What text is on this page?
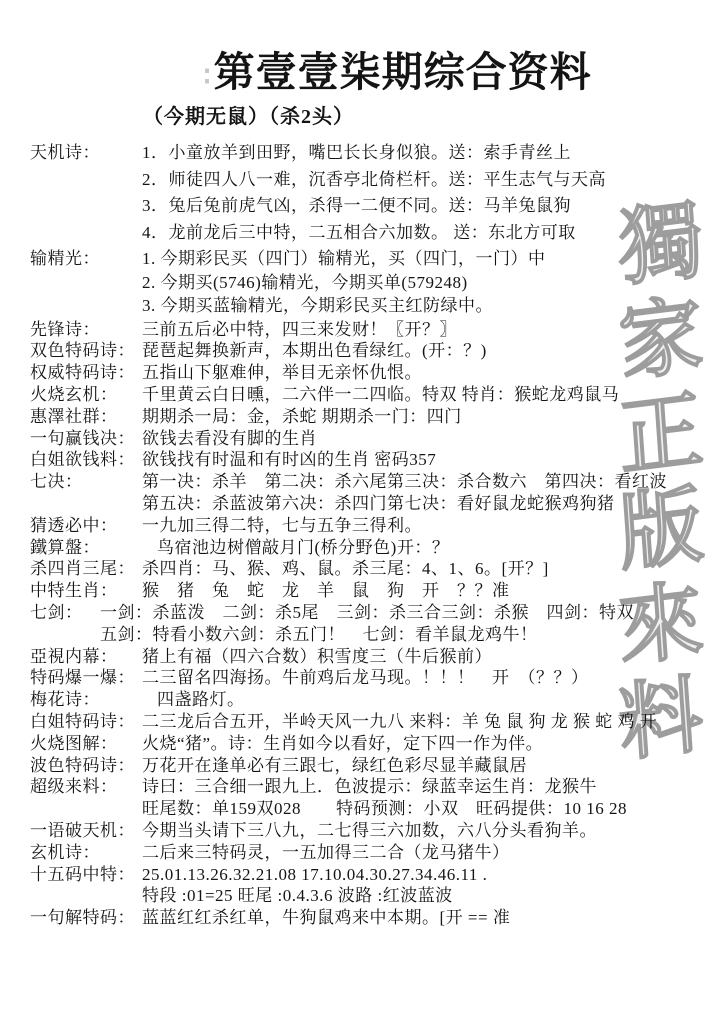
∶ 第壹壹柒期综合资料
（今期无鼠）（杀2头）
天机诗：	1．小童放羊到田野，嘴巴长长身似狼。送：索手青丝上
2．师徒四人八一难，沉香亭北倚栏杆。送：平生志气与天高
3．兔后兔前虎气凶，杀得一二便不同。送：马羊兔鼠狗
4．龙前龙后三中特，二五相合六加数。 送：东北方可取
输精光：	1. 今期彩民买（四门）输精光，买（四门，一门）中
2. 今期买(5746)输精光，今期买单(579248)
3. 今期买蓝输精光，今期彩民买主红防绿中。
先锋诗：	三前五后必中特，四三来发财！〖开？〗
双色特码诗： 琵琶起舞换新声，本期出色看绿红。(开：？)
权威特码诗： 五指山下躯难伸，举目无亲怀仇恨。
火烧玄机：	千里黄云白日曛，二六伴一二四临。特双 特肖：猴蛇龙鸡鼠马
惠澤社群：	期期杀一局：金，杀蛇 期期杀一门：四门
一句赢钱决： 欲钱去看没有脚的生肖
白姐欲钱料： 欲钱找有时温和有时凶的生肖 密码357
七决：	第一决：杀羊　第二决：杀六尾第三决：杀合数六　第四决：看红波
第五决：杀蓝波第六决：杀四门第七决：看好鼠龙蛇猴鸡狗猪
猜透必中：	一九加三得二特，七与五争三得利。
鐵算盤：	鸟宿池边树僧敲月门(桥分野色)开：？
杀四肖三尾： 杀四肖：马、猴、鸡、鼠。杀三尾：4、1、6。[开？]
中特生肖：	猴　猪　兔　蛇　龙　羊　鼠　狗　开　？？准
七剑：	一剑：杀蓝泼　二剑：杀5尾　三剑：杀三合三剑：杀猴　四剑：特双
五剑：特看小数六剑：杀五门！　七剑：看羊鼠龙鸡牛！
亞視内幕：	猪上有福（四六合数）积雪度三（牛后猴前）
特码爆一爆： 二三留名四海扬。牛前鸡后龙马现。！！！　开　（？？）
梅花诗：	四盏路灯。
白姐特码诗： 二三龙后合五开，半岭天风一九八 来料：羊 兔 鼠 狗 龙 猴 蛇 鸡 开
火烧图解：	火烧“猪”。诗：生肖如今以看好，定下四一作为伴。
波色特码诗： 万花开在逢单必有三跟七，绿红色彩尽显羊藏鼠居
超级来料：	诗曰：三合细一跟九上．色波提示：绿蓝幸运生肖：龙猴牛
旺尾数：单159双028　　特码预测：小双　旺码提供：10 16 28
一语破天机： 今期当头请下三八九，二七得三六加数，六八分头看狗羊。
玄机诗：	二后来三特码灵，一五加得三二合（龙马猪牛）
十五码中特： 25.01.13.26.32.21.08 17.10.04.30.27.34.46.11 .
特段 :01=25 旺尾 :0.4.3.6 波路 :红波蓝波
一句解特码： 蓝蓝红红杀红单，牛狗鼠鸡来中本期。[开 == 准
獨
家
正
版
來
料
